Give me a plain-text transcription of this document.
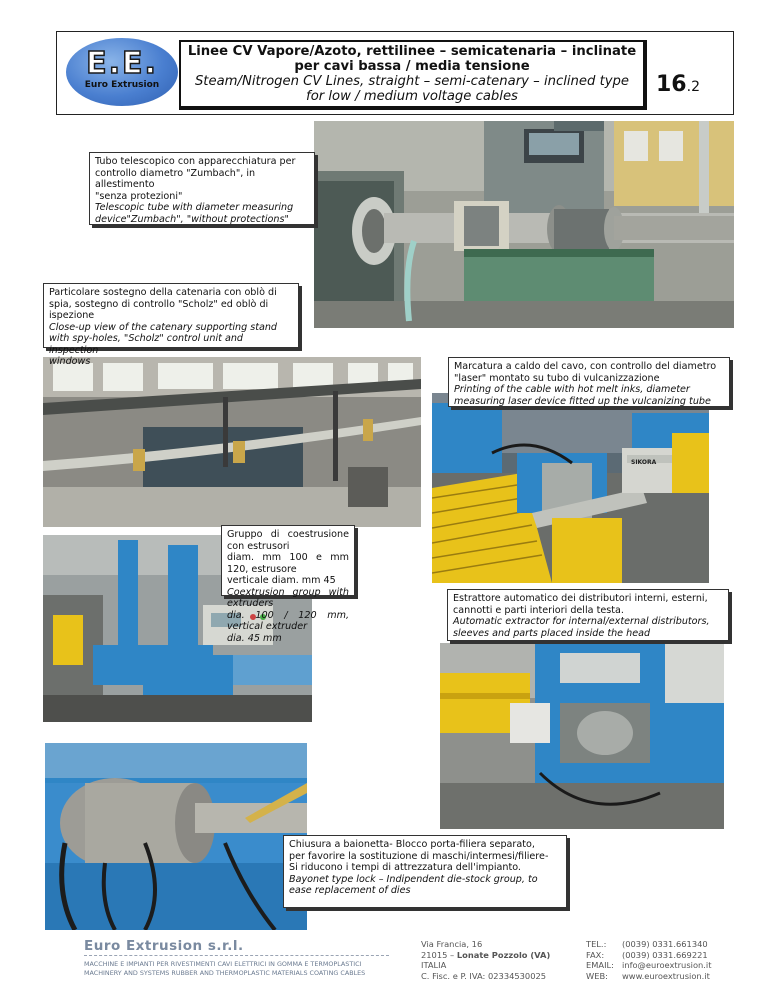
E.E.
Euro Extrusion
Linee CV Vapore/Azoto, rettilinee – semicatenaria – inclinate
per cavi bassa / media tensione
Steam/Nitrogen CV Lines, straight – semi-catenary – inclined type
for low / medium voltage cables	16.2

Tubo telescopico con apparecchiatura per

controllo diametro "Zumbach", in allestimento

"senza protezioni"

Telescopic tube with diameter measuring

device"Zumbach", "without protections"

Particolare sostegno della catenaria con oblò di

spia, sostegno di controllo "Scholz" ed oblò di

ispezione

Close-up view of the catenary supporting stand

with spy-holes, "Scholz" control unit and inspection

windows

SIKORA

Marcatura a caldo del cavo, con controllo del diametro

"laser" montato su tubo di vulcanizzazione

Printing of the cable with hot melt inks, diameter

measuring laser device fitted up the vulcanizing tube

Gruppo di coestrusione con estrusori

diam. mm 100 e mm 120, estrusore

verticale diam. mm 45

Coextrusion group with extruders

dia. 100 / 120 mm, vertical extruder

dia. 45 mm

Estrattore automatico dei distributori interni, esterni,

cannotti e parti interiori della testa.

Automatic extractor for internal/external distributors,

sleeves and parts placed inside the head

Chiusura a baionetta- Blocco porta-filiera separato,

per favorire la sostituzione di maschi/intermesi/filiere-

Si riducono i tempi di attrezzatura dell'impianto.

Bayonet type lock – Indipendent die-stock group, to

ease replacement of dies

Euro Extrusion s.r.l.
MACCHINE E IMPIANTI PER RIVESTIMENTI CAVI ELETTRICI IN GOMMA E TERMOPLASTICI
MACHINERY AND SYSTEMS RUBBER AND THERMOPLASTIC MATERIALS COATING CABLES
Via Francia, 16
21015 – Lonate Pozzolo (VA)
ITALIA
C. Fisc. e P. IVA: 02334530025
TEL.:
FAX:
EMAIL:
WEB:
(0039) 0331.661340
(0039) 0331.669221
info@euroextrusion.it
www.euroextrusion.it
